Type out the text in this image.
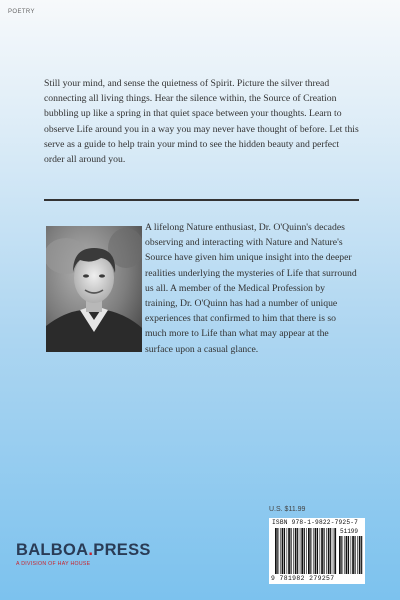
POETRY
Still your mind, and sense the quietness of Spirit. Picture the silver thread connecting all living things. Hear the silence within, the Source of Creation bubbling up like a spring in that quiet space between your thoughts. Learn to observe Life around you in a way you may never have thought of before. Let this serve as a guide to help train your mind to see the hidden beauty and perfect order all around you.

A lifelong Nature enthusiast, Dr. O'Quinn's decades observing and interacting with Nature and Nature's Source have given him unique insight into the deeper realities underlying the mysteries of Life that surround us all. A member of the Medical Profession by training, Dr. O'Quinn has had a number of unique experiences that confirmed to him that there is so much more to Life than what may appear at the surface upon a casual glance.

U.S. $11.99
ISBN 978-1-9822-7925-7
51199
9 781982 279257
BALBOA.PRESS
A DIVISION OF HAY HOUSE
